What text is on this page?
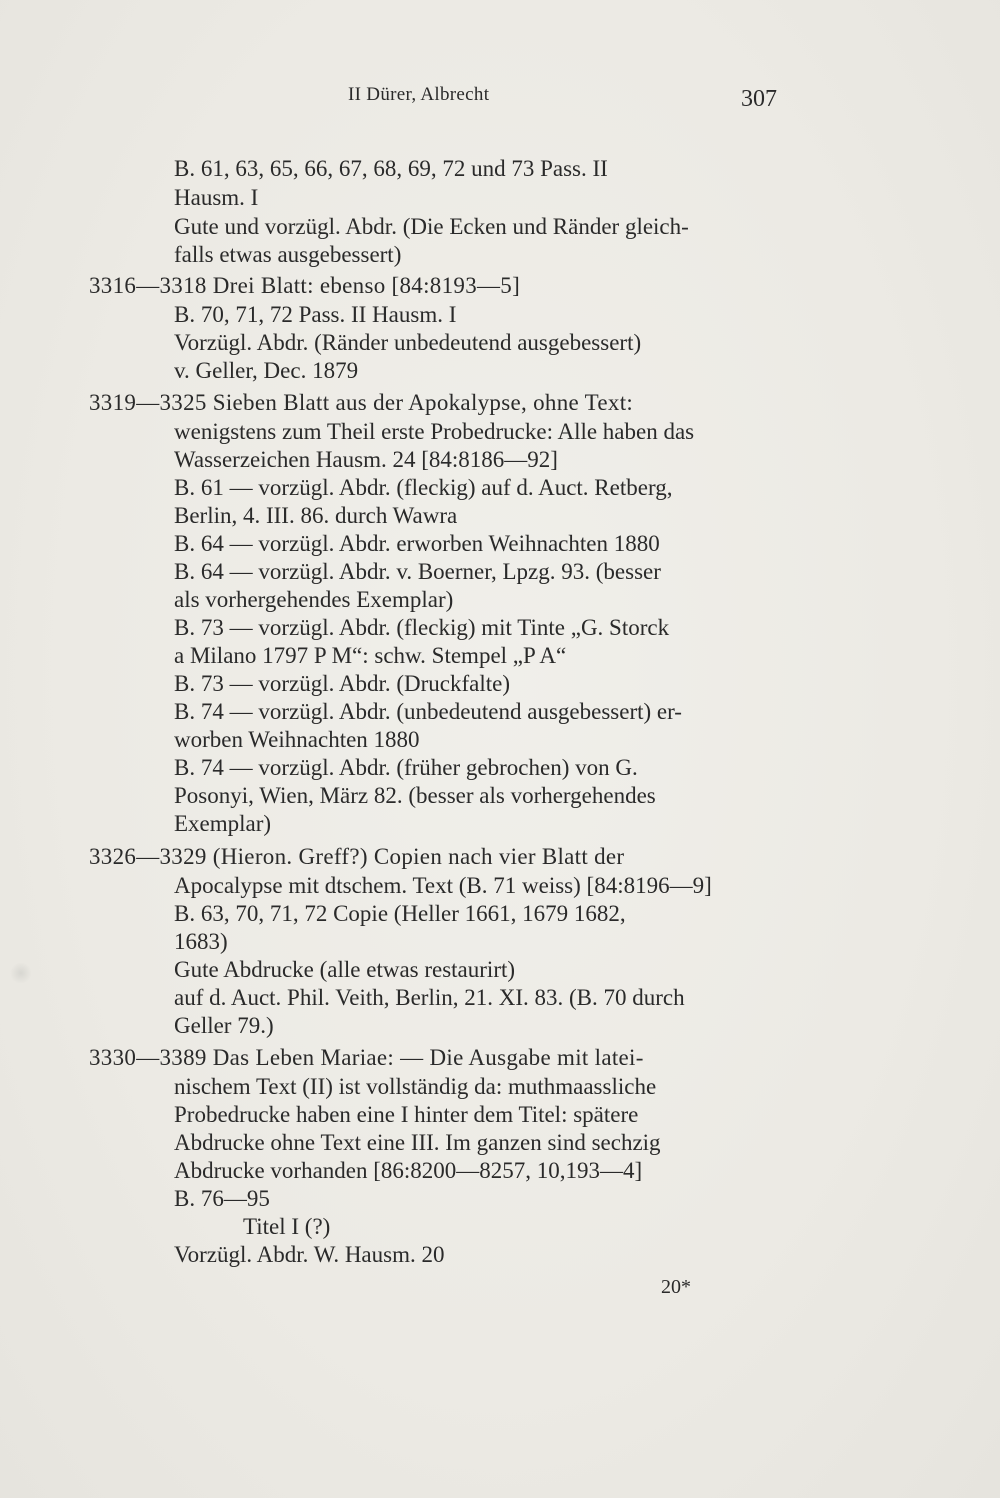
II Dürer, Albrecht	307
B. 61, 63, 65, 66, 67, 68, 69, 72 und 73 Pass. II
Hausm. I
Gute und vorzügl. Abdr. (Die Ecken und Ränder gleich-
falls etwas ausgebessert)
3316—3318 Drei Blatt: ebenso [84:8193—5]
B. 70, 71, 72 Pass. II Hausm. I
Vorzügl. Abdr. (Ränder unbedeutend ausgebessert)
v. Geller, Dec. 1879
3319—3325 Sieben Blatt aus der Apokalypse, ohne Text:
wenigstens zum Theil erste Probedrucke: Alle haben das
Wasserzeichen Hausm. 24 [84:8186—92]
B. 61 — vorzügl. Abdr. (fleckig) auf d. Auct. Retberg,
Berlin, 4. III. 86. durch Wawra
B. 64 — vorzügl. Abdr. erworben Weihnachten 1880
B. 64 — vorzügl. Abdr. v. Boerner, Lpzg. 93. (besser
als vorhergehendes Exemplar)
B. 73 — vorzügl. Abdr. (fleckig) mit Tinte „G. Storck
a Milano 1797 P M“: schw. Stempel „P A“
B. 73 — vorzügl. Abdr. (Druckfalte)
B. 74 — vorzügl. Abdr. (unbedeutend ausgebessert) er-
worben Weihnachten 1880
B. 74 — vorzügl. Abdr. (früher gebrochen) von G.
Posonyi, Wien, März 82. (besser als vorhergehendes
Exemplar)
3326—3329 (Hieron. Greff?) Copien nach vier Blatt der
Apocalypse mit dtschem. Text (B. 71 weiss) [84:8196—9]
B. 63, 70, 71, 72 Copie (Heller 1661, 1679 1682,
1683)
Gute Abdrucke (alle etwas restaurirt)
auf d. Auct. Phil. Veith, Berlin, 21. XI. 83. (B. 70 durch
Geller 79.)
3330—3389 Das Leben Mariae: — Die Ausgabe mit latei-
nischem Text (II) ist vollständig da: muthmaassliche
Probedrucke haben eine I hinter dem Titel: spätere
Abdrucke ohne Text eine III. Im ganzen sind sechzig
Abdrucke vorhanden [86:8200—8257, 10,193—4]
B. 76—95
Titel I (?)
Vorzügl. Abdr. W. Hausm. 20
20*
